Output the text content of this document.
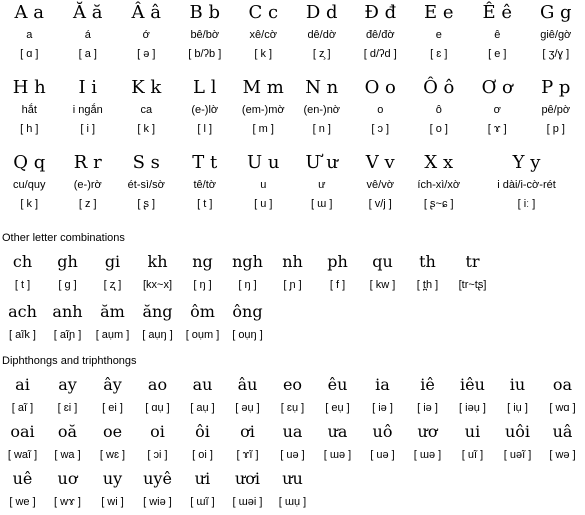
A a
a
[ ɑ ]
Ă ă
á
[ a ]
Â â
ớ
[ ə ]
B b
bê/bờ
[ b/ʔb ]
C c
xê/cờ
[ k ]
D d
dê/dờ
[ z̧ ]
Đ đ
đê/đờ
[ d/ʔd ]
E e
e
[ ɛ ]
Ê ê
ê
[ e ]
G g
giê/gờ
[ ʒ/ɣ ]
H h
hắt
[ h ]
I i
i ngắn
[ i ]
K k
ca
[ k ]
L l
(e-)lờ
[ l ]
M m
(em-)mờ
[ m ]
N n
(en-)nờ
[ n ]
O o
o
[ ɔ ]
Ô ô
ô
[ o ]
Ơ ơ
ơ
[ ɤ ]
P p
pê/pờ
[ p ]
Q q
cu/quy
[ k ]
R r
(e-)rờ
[ z ]
S s
ét-sì/sờ
[ ʂ ]
T t
tê/tờ
[ t ]
U u
u
[ u ]
Ư ư
ư
[ ɯ ]
V v
vê/vờ
[ v/j ]
X x
ích-xì/xờ
[ ʂ~ɕ ]
Y y
i dài/i-cờ-rét
[ iː ]
Other letter combinations
ch
[ t ]
gh
[ g ]
gi
[ ʐ ]
kh
[kx~x]
ng
[ ŋ ]
ngh
[ ŋ ]
nh
[ ɲ ]
ph
[ f ]
qu
[ kw ]
th
[ t̪h ]
tr
[tr~tʂ]
ach
[ aĩk ]
anh
[ aĩɲ ]
ăm
[ aụm ]
ăng
[ aụŋ ]
ôm
[ oụm ]
ông
[ oụŋ ]
Diphthongs and triphthongs
ai
[ aĩ ]
ay
[ ɛi ]
ây
[ ei ]
ao
[ ɑụ ]
au
[ aụ ]
âu
[ əụ ]
eo
[ ɛụ ]
êu
[ eụ ]
ia
[ iə ]
iê
[ iə ]
iêu
[ iəụ ]
iu
[ iụ ]
oa
[ wɑ ]
oai
[ waĩ ]
oă
[ wa ]
oe
[ wɛ ]
oi
[ ɔi ]
ôi
[ oi ]
ơi
[ ɤĩ ]
ua
[ uə ]
ưa
[ ɯə ]
uô
[ uə ]
ươ
[ ɯə ]
ui
[ uĩ ]
uôi
[ uəĩ ]
uâ
[ wə ]
uê
[ we ]
uơ
[ wɤ ]
uy
[ wi ]
uyê
[ wiə ]
ưi
[ ɯĩ ]
ươi
[ ɯəi ]
ưu
[ ɯụ ]
